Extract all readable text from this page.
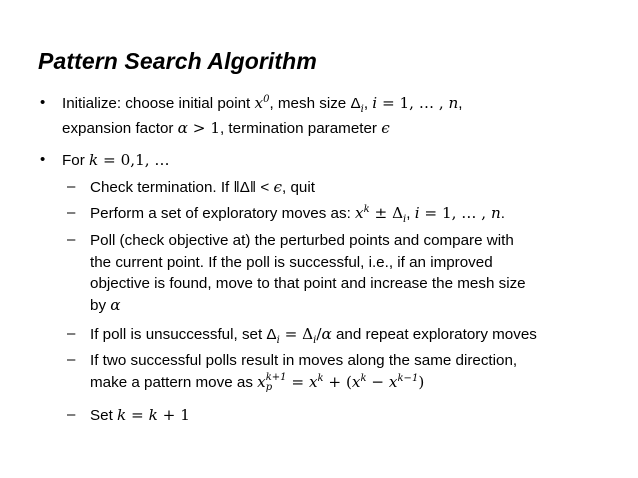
Pattern Search Algorithm
• Initialize: choose initial point $x^0$, mesh size $\Delta_i$, i = 1, … , n,
expansion factor α > 1, termination parameter ϵ
• For k = 0,1, …
– Check termination. If ‖Δ‖ < ϵ, quit
– Perform a set of exploratory moves as: $x^k \pm \Delta_i$, i = 1, … , n.
– Poll (check objective at) the perturbed points and compare with
the current point. If the poll is successful, i.e., if an improved
objective is found, move to that point and increase the mesh size
by α
– If poll is unsuccessful, set $\Delta_i = \Delta_i/\alpha$ and repeat exploratory moves
– If two successful polls result in moves along the same direction,
make a pattern move as x k+1
$p = x^k + (x^k - x^{k-1})$
– Set k = k + 1
